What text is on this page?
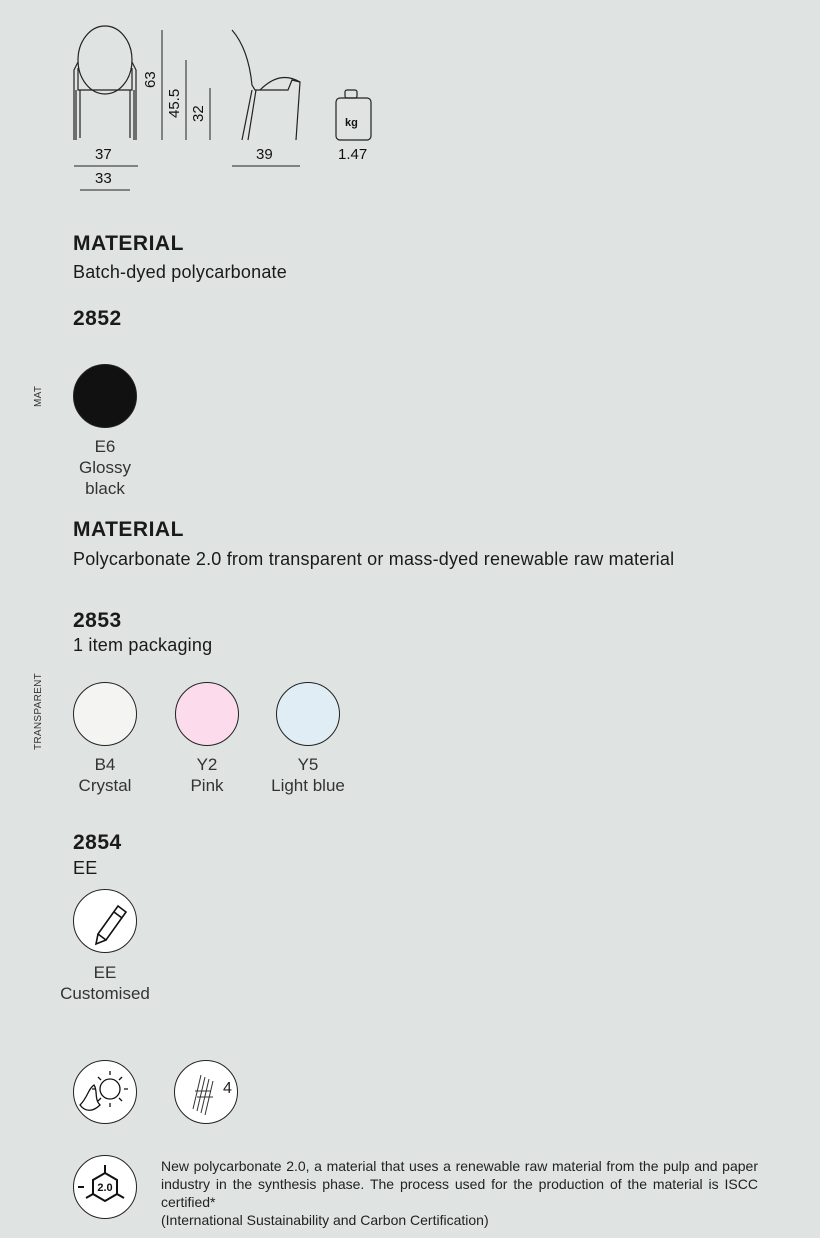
63
45.5 32
37
33
39
kg
1.47
MATERIAL
Batch-dyed polycarbonate
2852
MAT
E6
Glossy
black
MATERIAL
Polycarbonate 2.0 from transparent or mass-dyed renewable raw material
2853
1 item packaging
TRANSPARENT
B4
Crystal
Y2
Pink
Y5
Light blue
2854
EE
EE
Customised
4
2.0
New polycarbonate 2.0, a material that uses a renewable raw material from the pulp and paper industry in the synthesis phase. The process used for the production of the material is ISCC certified*
(International Sustainability and Carbon Certification)
